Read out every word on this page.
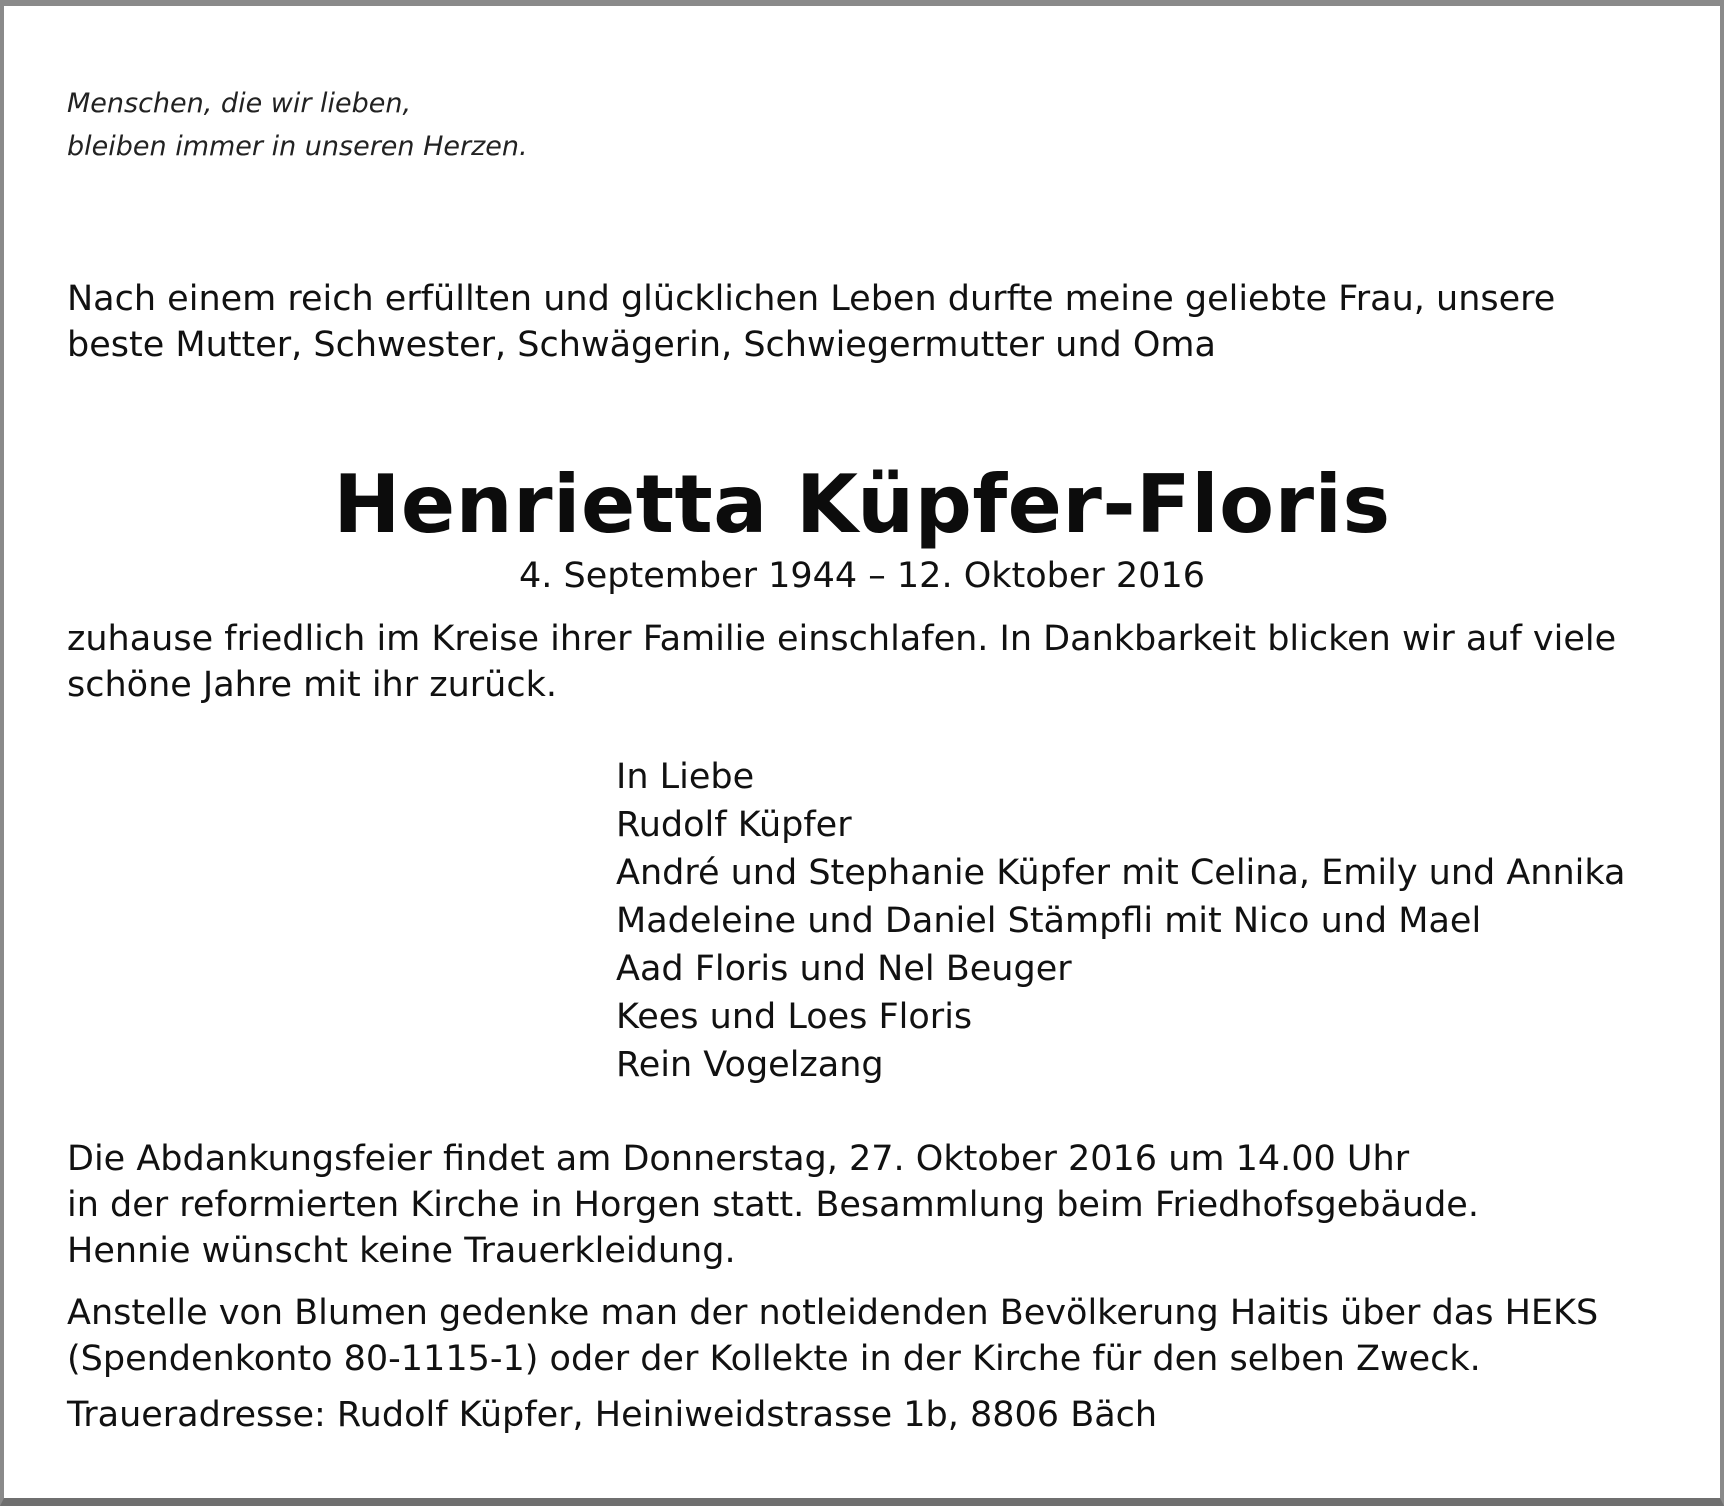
Menschen, die wir lieben,
bleiben immer in unseren Herzen.

Nach einem reich erfüllten und glücklichen Leben durfte meine geliebte Frau, unsere
beste Mutter, Schwester, Schwägerin, Schwiegermutter und Oma

Henrietta Küpfer-Floris

4. September 1944 – 12. Oktober 2016

zuhause friedlich im Kreise ihrer Familie einschlafen. In Dankbarkeit blicken wir auf viele
schöne Jahre mit ihr zurück.

In Liebe
Rudolf Küpfer
André und Stephanie Küpfer mit Celina, Emily und Annika
Madeleine und Daniel Stämpfli mit Nico und Mael
Aad Floris und Nel Beuger
Kees und Loes Floris
Rein Vogelzang

Die Abdankungsfeier findet am Donnerstag, 27. Oktober 2016 um 14.00 Uhr
in der reformierten Kirche in Horgen statt. Besammlung beim Friedhofsgebäude.
Hennie wünscht keine Trauerkleidung.

Anstelle von Blumen gedenke man der notleidenden Bevölkerung Haitis über das HEKS
(Spendenkonto 80-1115-1) oder der Kollekte in der Kirche für den selben Zweck.

Traueradresse: Rudolf Küpfer, Heiniweidstrasse 1b, 8806 Bäch
